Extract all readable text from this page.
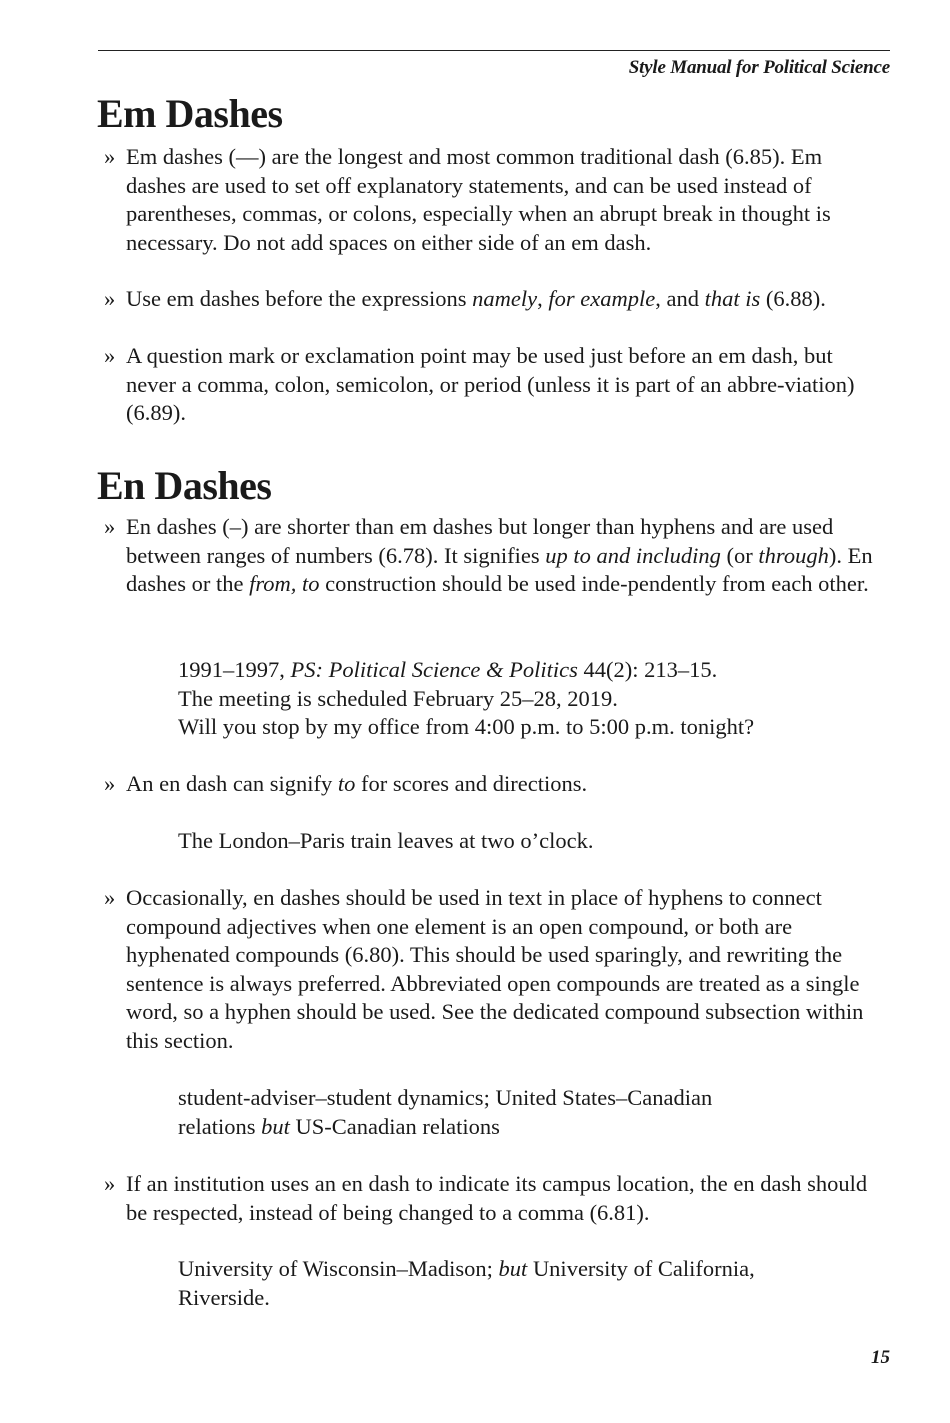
Style Manual for Political Science
Em Dashes
» Em dashes (—) are the longest and most common traditional dash (6.85). Em dashes are used to set off explanatory statements, and can be used instead of parentheses, commas, or colons, especially when an abrupt break in thought is necessary. Do not add spaces on either side of an em dash.
» Use em dashes before the expressions namely, for example, and that is (6.88).
» A question mark or exclamation point may be used just before an em dash, but never a comma, colon, semicolon, or period (unless it is part of an abbre-viation) (6.89).
En Dashes
» En dashes (–) are shorter than em dashes but longer than hyphens and are used between ranges of numbers (6.78). It signifies up to and including (or through). En dashes or the from, to construction should be used inde-pendently from each other.
1991–1997, PS: Political Science & Politics 44(2): 213–15.
The meeting is scheduled February 25–28, 2019.
Will you stop by my office from 4:00 p.m. to 5:00 p.m. tonight?
» An en dash can signify to for scores and directions.
The London–Paris train leaves at two o’clock.
» Occasionally, en dashes should be used in text in place of hyphens to connect compound adjectives when one element is an open compound, or both are hyphenated compounds (6.80). This should be used sparingly, and rewriting the sentence is always preferred. Abbreviated open compounds are treated as a single word, so a hyphen should be used. See the dedicated compound subsection within this section.
student-adviser–student dynamics; United States–Canadian
relations but US-Canadian relations
» If an institution uses an en dash to indicate its campus location, the en dash should be respected, instead of being changed to a comma (6.81).
University of Wisconsin–Madison; but University of California,
Riverside.
15
